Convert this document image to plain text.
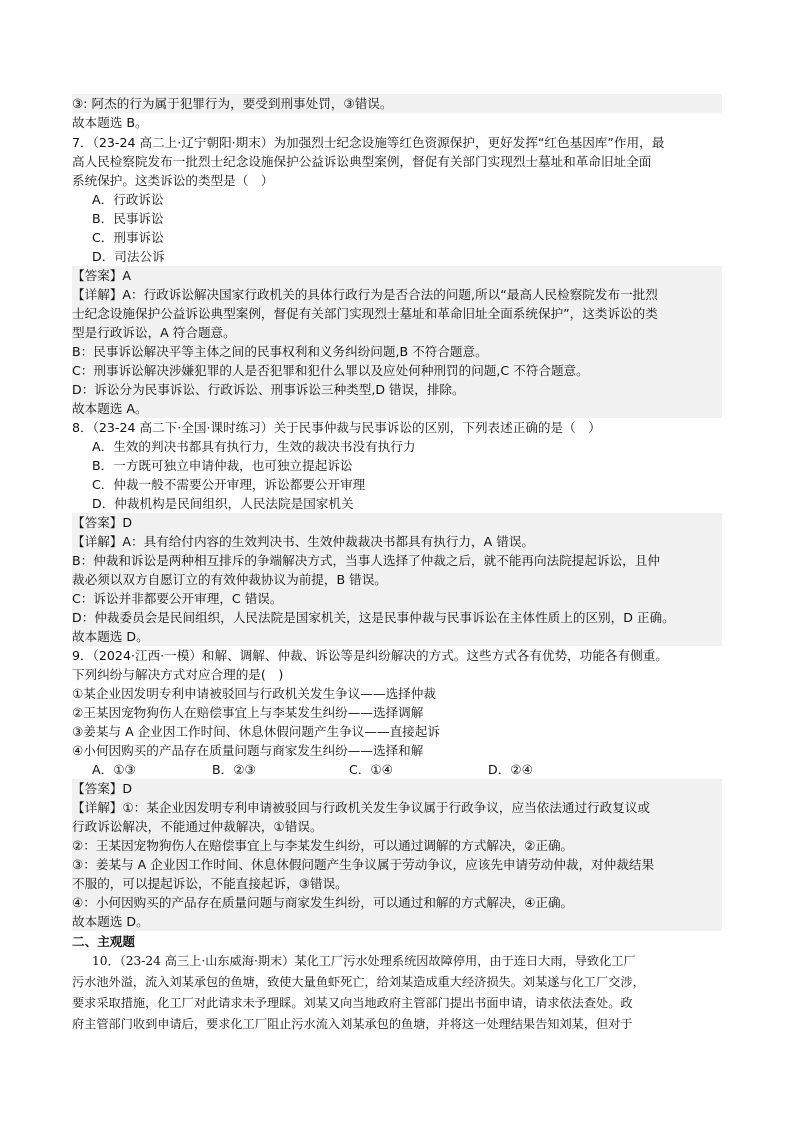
③: 阿杰的行为属于犯罪行为，要受到刑事处罚，③错误。
故本题选 B。
7．（23-24 高二上·辽宁朝阳·期末）为加强烈士纪念设施等红色资源保护，更好发挥“红色基因库”作用，最
高人民检察院发布一批烈士纪念设施保护公益诉讼典型案例，督促有关部门实现烈士墓址和革命旧址全面
系统保护。这类诉讼的类型是（　）
A．行政诉讼
B．民事诉讼
C．刑事诉讼
D．司法公诉
【答案】A
【详解】A：行政诉讼解决国家行政机关的具体行政行为是否合法的问题,所以“最高人民检察院发布一批烈
士纪念设施保护公益诉讼典型案例，督促有关部门实现烈士墓址和革命旧址全面系统保护”，这类诉讼的类
型是行政诉讼，A 符合题意。
B：民事诉讼解决平等主体之间的民事权利和义务纠纷问题,B 不符合题意。
C：刑事诉讼解决涉嫌犯罪的人是否犯罪和犯什么罪以及应处何种刑罚的问题,C 不符合题意。
D：诉讼分为民事诉讼、行政诉讼、刑事诉讼三种类型,D 错误，排除。
故本题选 A。
8．（23-24 高二下·全国·课时练习）关于民事仲裁与民事诉讼的区别，下列表述正确的是（　）
A．生效的判决书都具有执行力，生效的裁决书没有执行力
B．一方既可独立申请仲裁，也可独立提起诉讼
C．仲裁一般不需要公开审理，诉讼都要公开审理
D．仲裁机构是民间组织，人民法院是国家机关
【答案】D
【详解】A：具有给付内容的生效判决书、生效仲裁裁决书都具有执行力，A 错误。
B：仲裁和诉讼是两种相互排斥的争端解决方式，当事人选择了仲裁之后，就不能再向法院提起诉讼，且仲
裁必须以双方自愿订立的有效仲裁协议为前提，B 错误。
C：诉讼并非都要公开审理，C 错误。
D：仲裁委员会是民间组织，人民法院是国家机关，这是民事仲裁与民事诉讼在主体性质上的区别，D 正确。
故本题选 D。
9．（2024·江西·一模）和解、调解、仲裁、诉讼等是纠纷解决的方式。这些方式各有优势，功能各有侧重。
下列纠纷与解决方式对应合理的是(　)
①某企业因发明专利申请被驳回与行政机关发生争议——选择仲裁
②王某因宠物狗伤人在赔偿事宜上与李某发生纠纷——选择调解
③姜某与 A 企业因工作时间、休息休假问题产生争议——直接起诉
④小何因购买的产品存在质量问题与商家发生纠纷——选择和解
A．①③	B．②③	C．①④	D．②④
【答案】D
【详解】①：某企业因发明专利申请被驳回与行政机关发生争议属于行政争议，应当依法通过行政复议或
行政诉讼解决，不能通过仲裁解决，①错误。
②：王某因宠物狗伤人在赔偿事宜上与李某发生纠纷，可以通过调解的方式解决，②正确。
③：姜某与 A 企业因工作时间、休息休假问题产生争议属于劳动争议，应该先申请劳动仲裁，对仲裁结果
不服的，可以提起诉讼，不能直接起诉，③错误。
④：小何因购买的产品存在质量问题与商家发生纠纷，可以通过和解的方式解决，④正确。
故本题选 D。
二、主观题
10．（23-24 高三上·山东威海·期末）某化工厂污水处理系统因故障停用，由于连日大雨，导致化工厂
污水池外溢，流入刘某承包的鱼塘，致使大量鱼虾死亡，给刘某造成重大经济损失。刘某遂与化工厂交涉，
要求采取措施，化工厂对此请求未予理睬。刘某又向当地政府主管部门提出书面申请，请求依法查处。政
府主管部门收到申请后，要求化工厂阻止污水流入刘某承包的鱼塘，并将这一处理结果告知刘某，但对于
